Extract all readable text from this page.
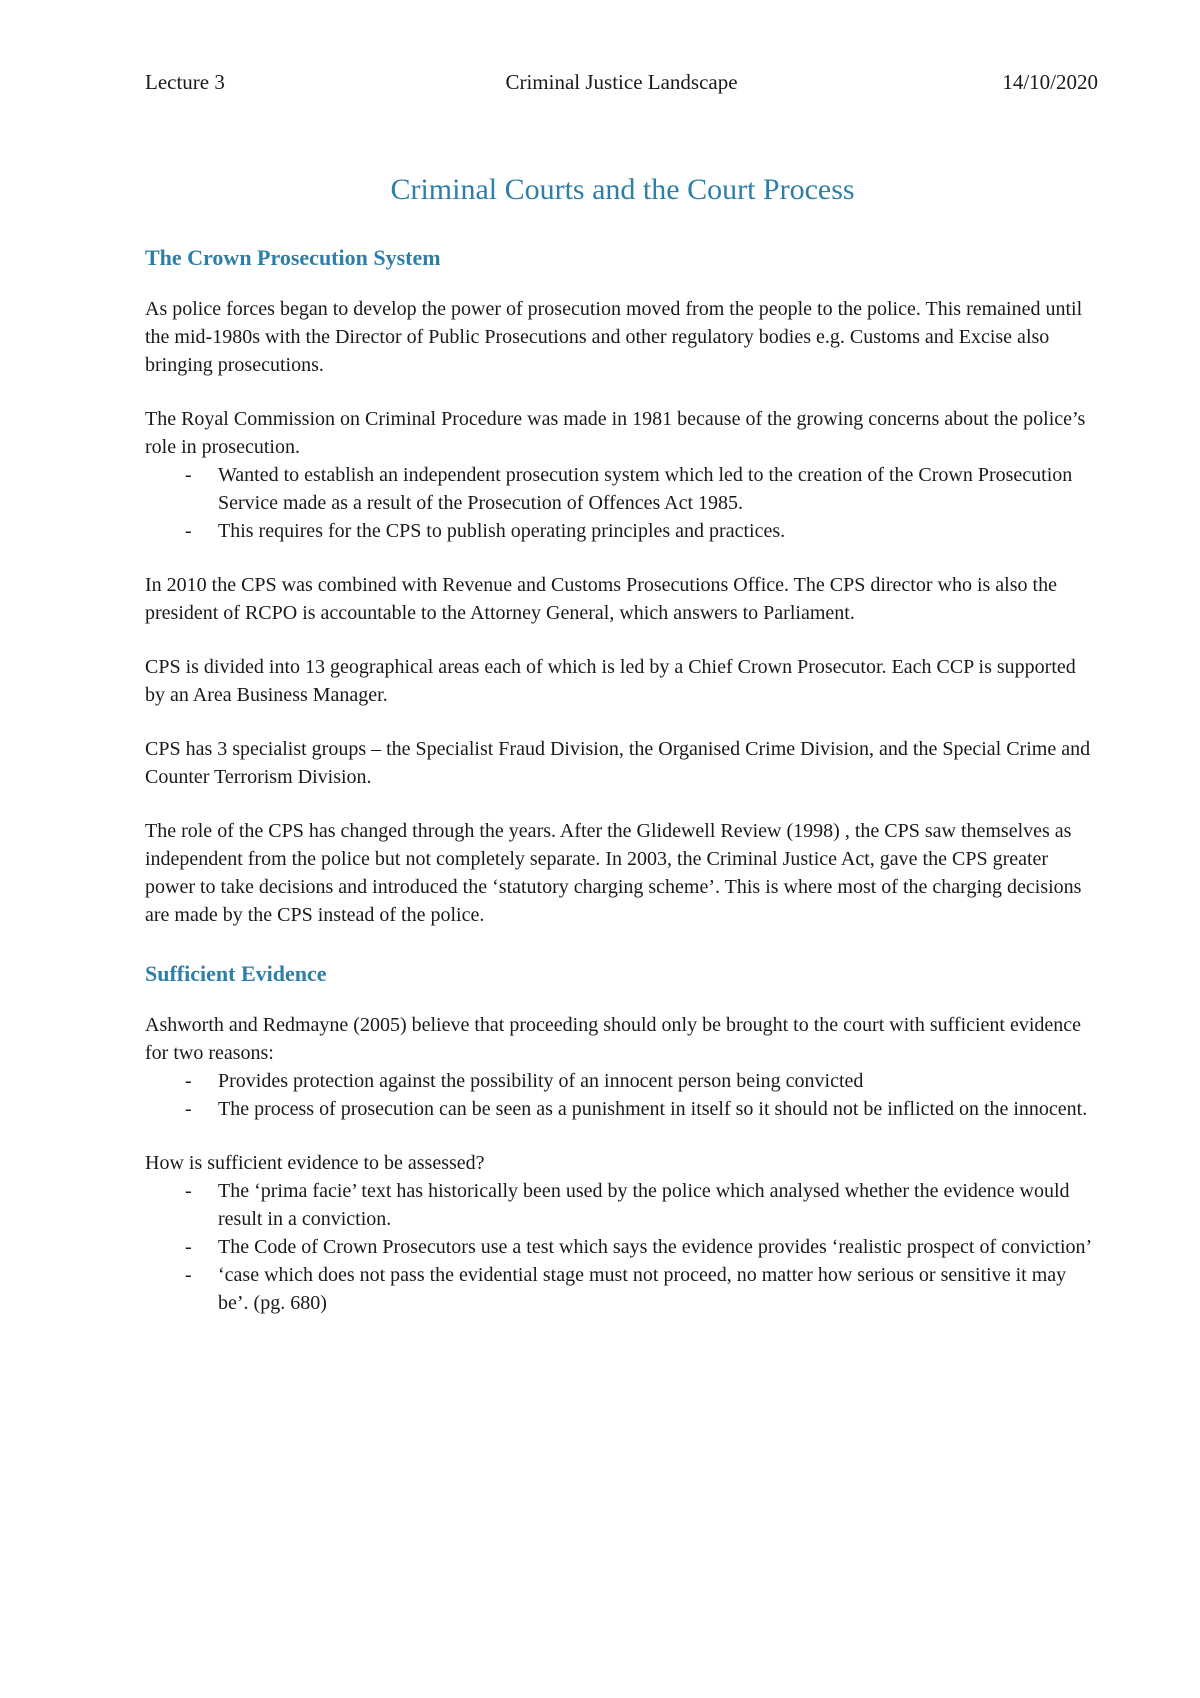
Lecture 3	Criminal Justice Landscape	14/10/2020
Criminal Courts and the Court Process
The Crown Prosecution System

As police forces began to develop the power of prosecution moved from the people to the police. This remained until the mid-1980s with the Director of Public Prosecutions and other regulatory bodies e.g. Customs and Excise also bringing prosecutions.

The Royal Commission on Criminal Procedure was made in 1981 because of the growing concerns about the police’s role in prosecution.

- Wanted to establish an independent prosecution system which led to the creation of the Crown Prosecution Service made as a result of the Prosecution of Offences Act 1985.
- This requires for the CPS to publish operating principles and practices.

In 2010 the CPS was combined with Revenue and Customs Prosecutions Office. The CPS director who is also the president of RCPO is accountable to the Attorney General, which answers to Parliament.

CPS is divided into 13 geographical areas each of which is led by a Chief Crown Prosecutor. Each CCP is supported by an Area Business Manager.

CPS has 3 specialist groups – the Specialist Fraud Division, the Organised Crime Division, and the Special Crime and Counter Terrorism Division.

The role of the CPS has changed through the years. After the Glidewell Review (1998) , the CPS saw themselves as independent from the police but not completely separate. In 2003, the Criminal Justice Act, gave the CPS greater power to take decisions and introduced the ‘statutory charging scheme’. This is where most of the charging decisions are made by the CPS instead of the police.

Sufficient Evidence

Ashworth and Redmayne (2005) believe that proceeding should only be brought to the court with sufficient evidence for two reasons:

- Provides protection against the possibility of an innocent person being convicted
- The process of prosecution can be seen as a punishment in itself so it should not be inflicted on the innocent.

How is sufficient evidence to be assessed?

- The ‘prima facie’ text has historically been used by the police which analysed whether the evidence would result in a conviction.
- The Code of Crown Prosecutors use a test which says the evidence provides ‘realistic prospect of conviction’
- ‘case which does not pass the evidential stage must not proceed, no matter how serious or sensitive it may be’. (pg. 680)
